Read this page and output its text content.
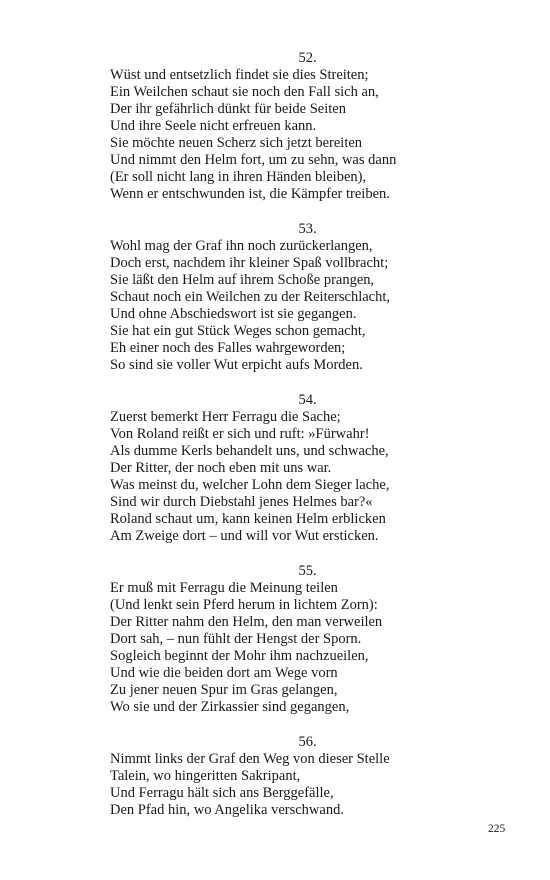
52.
Wüst und entsetzlich findet sie dies Streiten;
Ein Weilchen schaut sie noch den Fall sich an,
Der ihr gefährlich dünkt für beide Seiten
Und ihre Seele nicht erfreuen kann.
Sie möchte neuen Scherz sich jetzt bereiten
Und nimmt den Helm fort, um zu sehn, was dann
(Er soll nicht lang in ihren Händen bleiben),
Wenn er entschwunden ist, die Kämpfer treiben.
53.
Wohl mag der Graf ihn noch zurückerlangen,
Doch erst, nachdem ihr kleiner Spaß vollbracht;
Sie läßt den Helm auf ihrem Schoße prangen,
Schaut noch ein Weilchen zu der Reiterschlacht,
Und ohne Abschiedswort ist sie gegangen.
Sie hat ein gut Stück Weges schon gemacht,
Eh einer noch des Falles wahrgeworden;
So sind sie voller Wut erpicht aufs Morden.
54.
Zuerst bemerkt Herr Ferragu die Sache;
Von Roland reißt er sich und ruft: »Fürwahr!
Als dumme Kerls behandelt uns, und schwache,
Der Ritter, der noch eben mit uns war.
Was meinst du, welcher Lohn dem Sieger lache,
Sind wir durch Diebstahl jenes Helmes bar?«
Roland schaut um, kann keinen Helm erblicken
Am Zweige dort – und will vor Wut ersticken.
55.
Er muß mit Ferragu die Meinung teilen
(Und lenkt sein Pferd herum in lichtem Zorn):
Der Ritter nahm den Helm, den man verweilen
Dort sah, – nun fühlt der Hengst der Sporn.
Sogleich beginnt der Mohr ihm nachzueilen,
Und wie die beiden dort am Wege vorn
Zu jener neuen Spur im Gras gelangen,
Wo sie und der Zirkassier sind gegangen,
56.
Nimmt links der Graf den Weg von dieser Stelle
Talein, wo hingeritten Sakripant,
Und Ferragu hält sich ans Berggefälle,
Den Pfad hin, wo Angelika verschwand.
225
